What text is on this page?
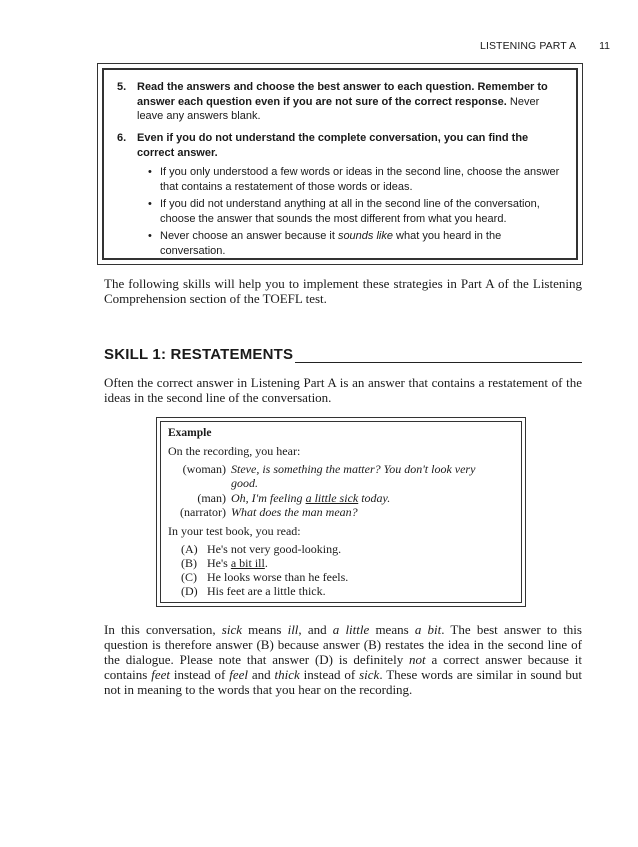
LISTENING PART A 11
5. Read the answers and choose the best answer to each question. Remember to answer each question even if you are not sure of the correct response. Never leave any answers blank.
6. Even if you do not understand the complete conversation, you can find the correct answer.
• If you only understood a few words or ideas in the second line, choose the answer that contains a restatement of those words or ideas.
• If you did not understand anything at all in the second line of the conversation, choose the answer that sounds the most different from what you heard.
• Never choose an answer because it sounds like what you heard in the conversation.

The following skills will help you to implement these strategies in Part A of the Listening Comprehension section of the TOEFL test.

SKILL 1: RESTATEMENTS

Often the correct answer in Listening Part A is an answer that contains a restatement of the ideas in the second line of the conversation.

Example
On the recording, you hear:
(woman) Steve, is something the matter? You don't look very good.
(man) Oh, I'm feeling a little sick today.
(narrator) What does the man mean?
In your test book, you read:
(A) He's not very good-looking.
(B) He's a bit ill.
(C) He looks worse than he feels.
(D) His feet are a little thick.

In this conversation, sick means ill, and a little means a bit. The best answer to this question is therefore answer (B) because answer (B) restates the idea in the second line of the dialogue. Please note that answer (D) is definitely not a correct answer because it contains feet instead of feel and thick instead of sick. These words are similar in sound but not in meaning to the words that you hear on the recording.
